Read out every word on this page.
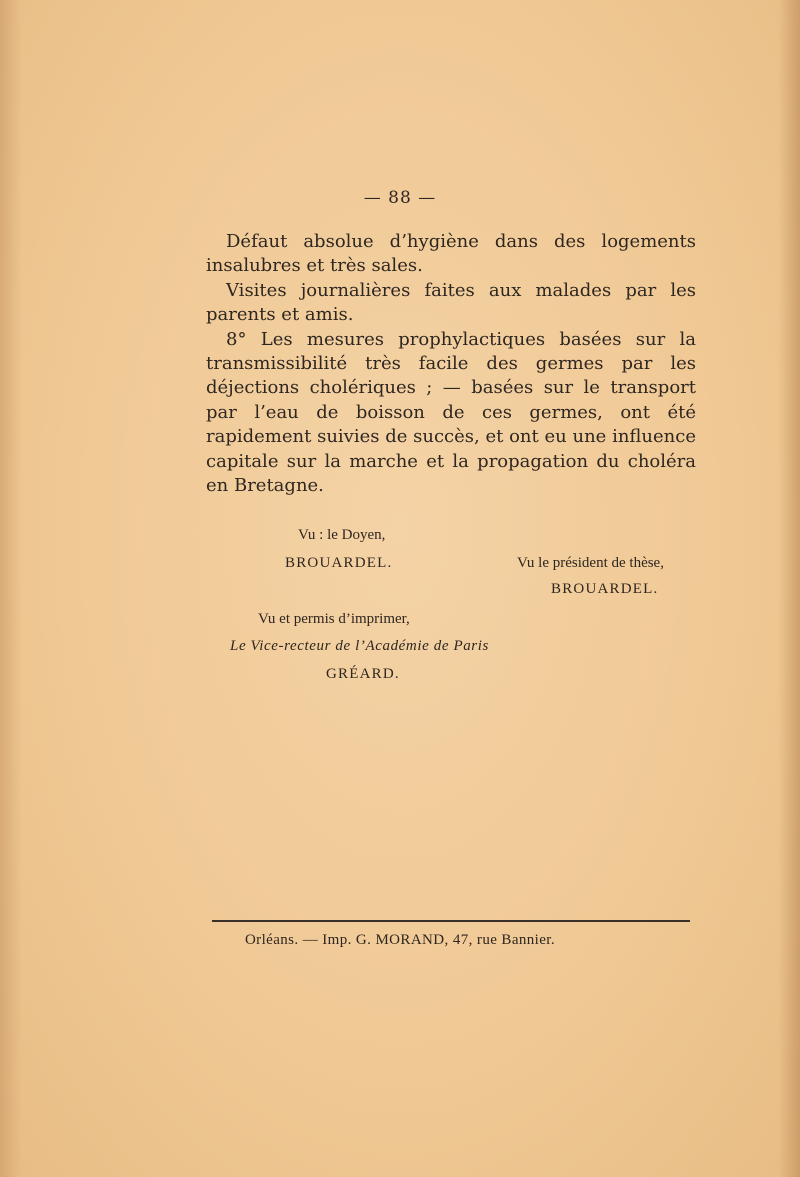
— 88 —

Défaut absolue d’hygiène dans des logements insalubres et très sales.

Visites journalières faites aux malades par les parents et amis.

8° Les mesures prophylactiques basées sur la transmissibilité très facile des germes par les déjections cholériques ; — basées sur le transport par l’eau de boisson de ces germes, ont été rapidement suivies de succès, et ont eu une influence capitale sur la marche et la propagation du choléra en Bretagne.

Vu : le Doyen,
BROUARDEL.	Vu le président de thèse,
BROUARDEL.
Vu et permis d’imprimer,
Le Vice-recteur de l’Académie de Paris
GRÉARD.
Orléans. — Imp. G. MORAND, 47, rue Bannier.
